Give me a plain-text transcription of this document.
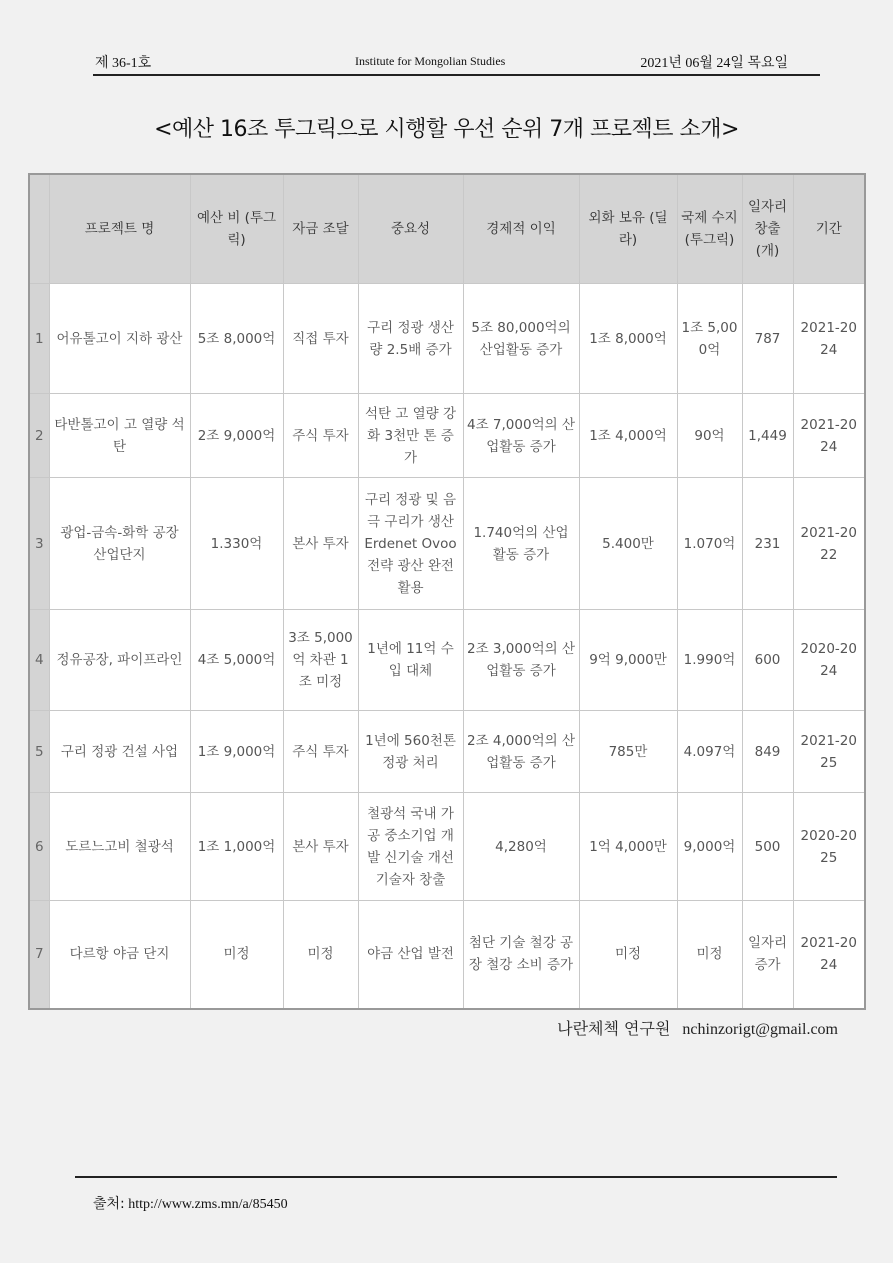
제 36-1호	Institute for Mongolian Studies	2021년 06월 24일 목요일
<예산 16조 투그릭으로 시행할 우선 순위 7개 프로젝트 소개>
	프로젝트 명	예산 비 (투그릭)	자금 조달	중요성	경제적 이익	외화 보유 (딜라)	국제 수지 (투그릭)	일자리 창출 (개)	기간
1	어유톨고이 지하 광산	5조 8,000억	직접 투자	구리 정광 생산량 2.5배 증가	5조 80,000억의 산업활동 증가	1조 8,000억	1조 5,000억	787	2021-2024
2	타반톨고이 고 열량 석탄	2조 9,000억	주식 투자	석탄 고 열량 강화 3천만 톤 증가	4조 7,000억의 산업활동 증가	1조 4,000억	90억	1,449	2021-2024
3	광업-금속-화학 공장 산업단지	1.330억	본사 투자	구리 정광 및 음극 구리가 생산 Erdenet Ovoo 전략 광산 완전 활용	1.740억의 산업 활동 증가	5.400만	1.070억	231	2021-2022
4	정유공장, 파이프라인	4조 5,000억	3조 5,000억 차관 1조 미정	1년에 11억 수입 대체	2조 3,000억의 산업활동 증가	9억 9,000만	1.990억	600	2020-2024
5	구리 정광 건설 사업	1조 9,000억	주식 투자	1년에 560천톤 정광 처리	2조 4,000억의 산업활동 증가	785만	4.097억	849	2021-2025
6	도르느고비 철광석	1조 1,000억	본사 투자	철광석 국내 가공 중소기업 개발 신기술 개선 기술자 창출	4,280억	1억 4,000만	9,000억	500	2020-2025
7	다르항 야금 단지	미정	미정	야금 산업 발전	첨단 기술 철강 공장 철강 소비 증가	미정	미정	일자리 증가	2021-2024
나란체첵 연구원 nchinzorigt@gmail.com
출처: http://www.zms.mn/a/85450
